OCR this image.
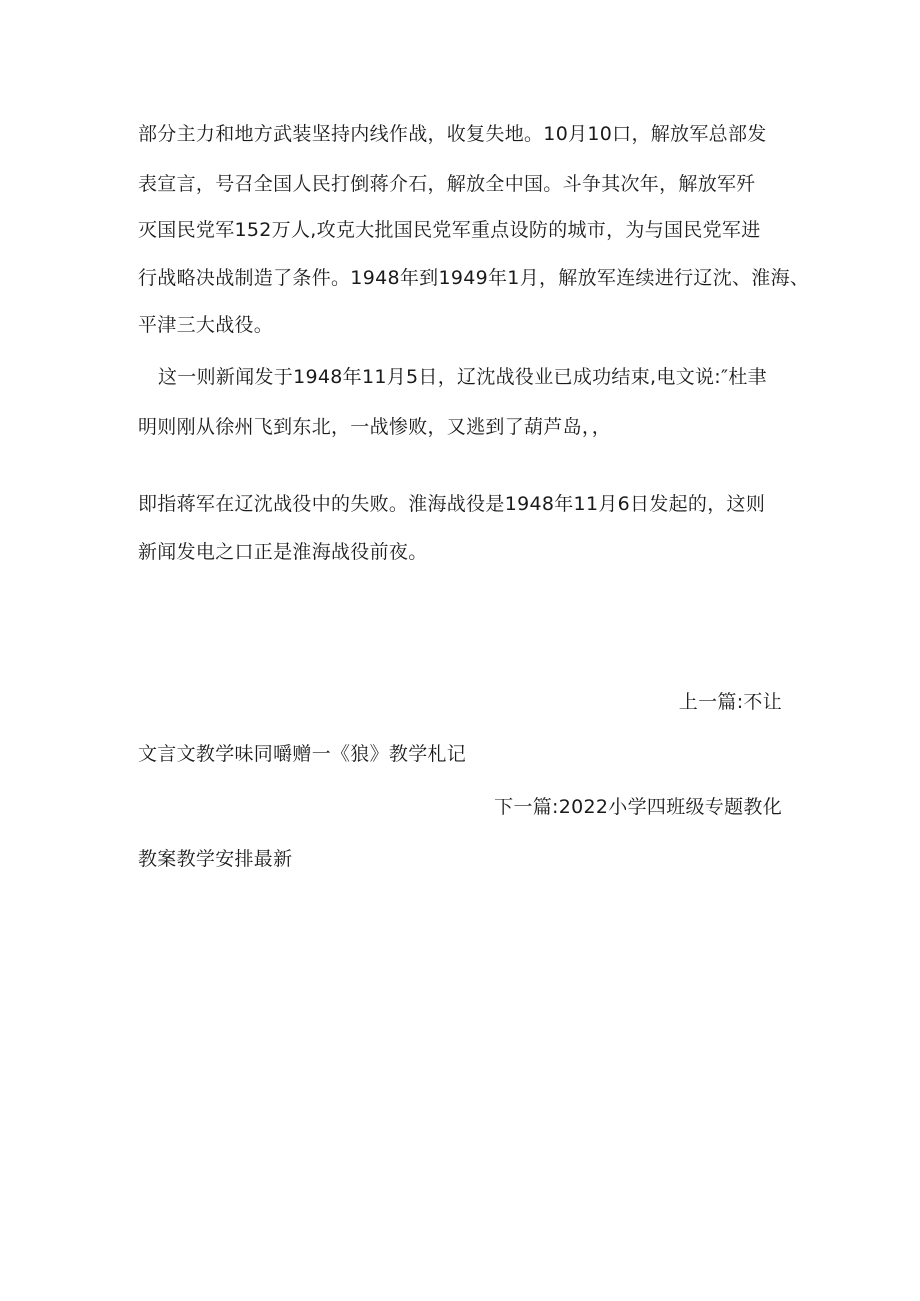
部分主力和地方武装坚持内线作战，收复失地。10月10口，解放军总部发
表宣言，号召全国人民打倒蒋介石，解放全中国。斗争其次年，解放军歼
灭国民党军152万人,攻克大批国民党军重点设防的城市，为与国民党军进
行战略决战制造了条件。1948年到1949年1月，解放军连续进行辽沈、淮海、
平津三大战役。
这一则新闻发于1948年11月5日，辽沈战役业已成功结束,电文说:″杜聿
明则刚从徐州飞到东北，一战惨败，又逃到了葫芦岛，，
即指蒋军在辽沈战役中的失败。淮海战役是1948年11月6日发起的，这则
新闻发电之口正是淮海战役前夜。
上一篇:不让
文言文教学味同嚼赠一《狼》教学札记
下一篇:2022小学四班级专题教化
教案教学安排最新
